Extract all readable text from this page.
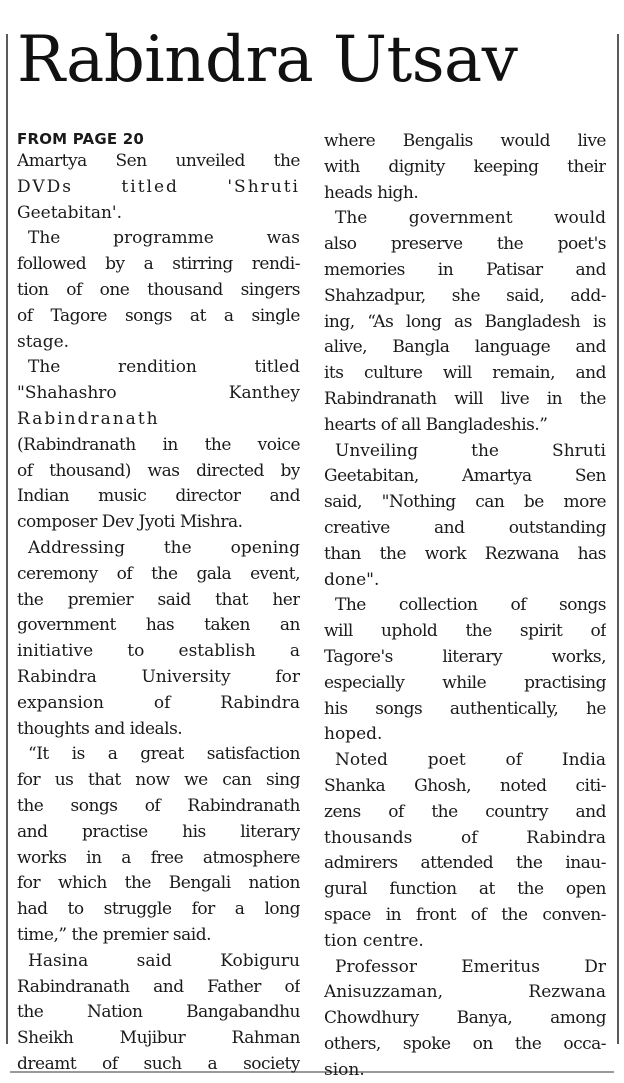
Rabindra Utsav
FROM PAGE 20
Amartya Sen unveiled the
DVDs titled 'Shruti
Geetabitan'.
The programme was
followed by a stirring rendi-
tion of one thousand singers
of Tagore songs at a single
stage.
The rendition titled
"Shahashro Kanthey
Rabindranath
(Rabindranath in the voice
of thousand) was directed by
Indian music director and
composer Dev Jyoti Mishra.
Addressing the opening
ceremony of the gala event,
the premier said that her
government has taken an
initiative to establish a
Rabindra University for
expansion of Rabindra
thoughts and ideals.
“It is a great satisfaction
for us that now we can sing
the songs of Rabindranath
and practise his literary
works in a free atmosphere
for which the Bengali nation
had to struggle for a long
time,” the premier said.
Hasina said Kobiguru
Rabindranath and Father of
the Nation Bangabandhu
Sheikh Mujibur Rahman
dreamt of such a society
where Bengalis would live
with dignity keeping their
heads high.
The government would
also preserve the poet's
memories in Patisar and
Shahzadpur, she said, add-
ing, “As long as Bangladesh is
alive, Bangla language and
its culture will remain, and
Rabindranath will live in the
hearts of all Bangladeshis.”
Unveiling the Shruti
Geetabitan, Amartya Sen
said, "Nothing can be more
creative and outstanding
than the work Rezwana has
done".
The collection of songs
will uphold the spirit of
Tagore's literary works,
especially while practising
his songs authentically, he
hoped.
Noted poet of India
Shanka Ghosh, noted citi-
zens of the country and
thousands of Rabindra
admirers attended the inau-
gural function at the open
space in front of the conven-
tion centre.
Professor Emeritus Dr
Anisuzzaman, Rezwana
Chowdhury Banya, among
others, spoke on the occa-
sion.
